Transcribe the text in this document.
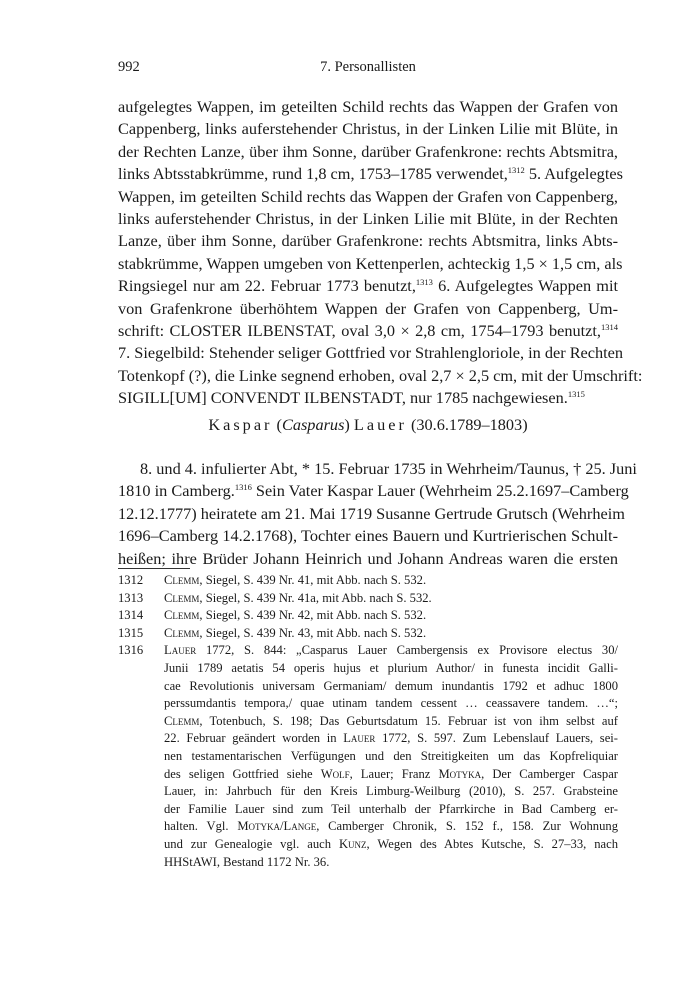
992	7. Personallisten
aufgelegtes Wappen, im geteilten Schild rechts das Wappen der Grafen von
Cappenberg, links auferstehender Christus, in der Linken Lilie mit Blüte, in
der Rechten Lanze, über ihm Sonne, darüber Grafenkrone: rechts Abtsmitra,
links Abtsstabkrümme, rund 1,8 cm, 1753–1785 verwendet,$^{1312}$ 5. Aufgelegtes
Wappen, im geteilten Schild rechts das Wappen der Grafen von Cappenberg,
links auferstehender Christus, in der Linken Lilie mit Blüte, in der Rechten
Lanze, über ihm Sonne, darüber Grafenkrone: rechts Abtsmitra, links Abts-
stabkrümme, Wappen umgeben von Kettenperlen, achteckig 1,5 × 1,5 cm, als
Ringsiegel nur am 22. Februar 1773 benutzt,$^{1313}$ 6. Aufgelegtes Wappen mit
von Grafenkrone überhöhtem Wappen der Grafen von Cappenberg, Um-
schrift: CLOSTER ILBENSTAT, oval 3,0 × 2,8 cm, 1754–1793 benutzt,$^{1314}$
7. Siegelbild: Stehender seliger Gottfried vor Strahlengloriole, in der Rechten
Totenkopf (?), die Linke segnend erhoben, oval 2,7 × 2,5 cm, mit der Umschrift:
SIGILL[UM] CONVENDT ILBENSTADT, nur 1785 nachgewiesen.$^{1315}$
Kaspar (Casparus) Lauer (30.6.1789–1803)
8. und 4. infulierter Abt, * 15. Februar 1735 in Wehrheim/Taunus, † 25. Juni
1810 in Camberg.$^{1316}$ Sein Vater Kaspar Lauer (Wehrheim 25.2.1697–Camberg
12.12.1777) heiratete am 21. Mai 1719 Susanne Gertrude Grutsch (Wehrheim
1696–Camberg 14.2.1768), Tochter eines Bauern und Kurtrierischen Schult-
heißen; ihre Brüder Johann Heinrich und Johann Andreas waren die ersten
1312	Clemm, Siegel, S. 439 Nr. 41, mit Abb. nach S. 532.
1313	Clemm, Siegel, S. 439 Nr. 41a, mit Abb. nach S. 532.
1314	Clemm, Siegel, S. 439 Nr. 42, mit Abb. nach S. 532.
1315	Clemm, Siegel, S. 439 Nr. 43, mit Abb. nach S. 532.
1316	Lauer 1772, S. 844: „Casparus Lauer Cambergensis ex Provisore electus 30/
Junii 1789 aetatis 54 operis hujus et plurium Author/ in funesta incidit Galli-
cae Revolutionis universam Germaniam/ demum inundantis 1792 et adhuc 1800
perssumdantis tempora,/ quae utinam tandem cessent … ceassavere tandem. …“;
Clemm, Totenbuch, S. 198; Das Geburtsdatum 15. Februar ist von ihm selbst auf
22. Februar geändert worden in Lauer 1772, S. 597. Zum Lebenslauf Lauers, sei-
nen testamentarischen Verfügungen und den Streitigkeiten um das Kopfreliquiar
des seligen Gottfried siehe Wolf, Lauer; Franz Motyka, Der Camberger Caspar
Lauer, in: Jahrbuch für den Kreis Limburg-Weilburg (2010), S. 257. Grabsteine
der Familie Lauer sind zum Teil unterhalb der Pfarrkirche in Bad Camberg er-
halten. Vgl. Motyka/Lange, Camberger Chronik, S. 152 f., 158. Zur Wohnung
und zur Genealogie vgl. auch Kunz, Wegen des Abtes Kutsche, S. 27–33, nach
HHStAWI, Bestand 1172 Nr. 36.
